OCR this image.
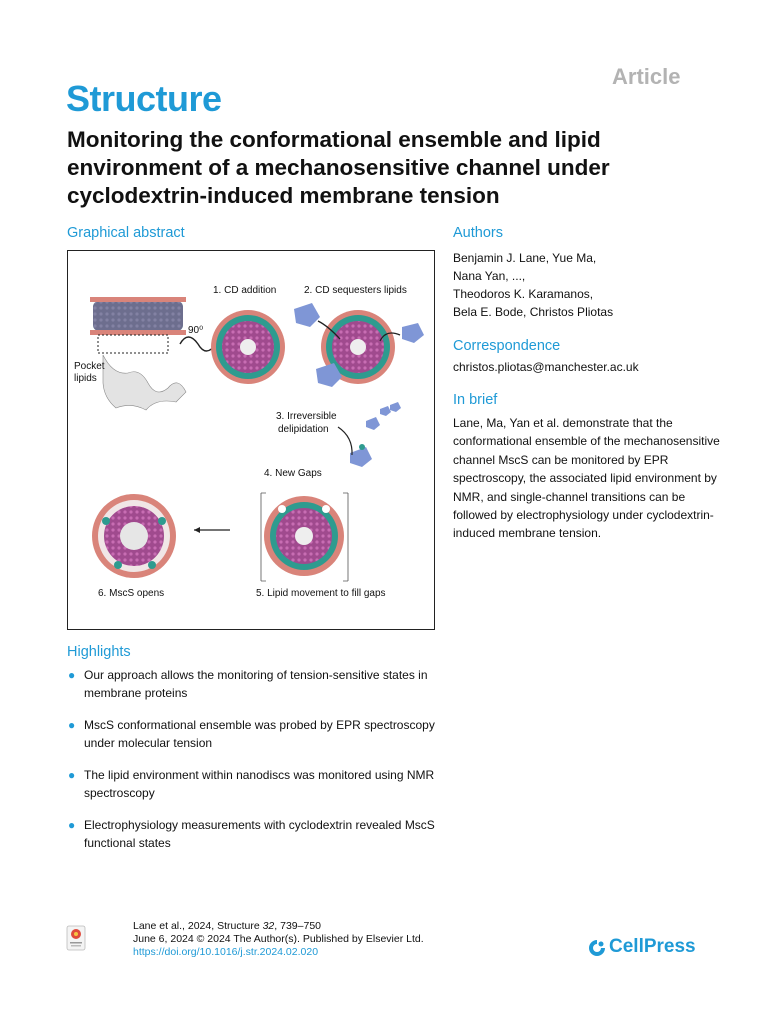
Article
Structure
Monitoring the conformational ensemble and lipid environment of a mechanosensitive channel under cyclodextrin-induced membrane tension
Graphical abstract
Pocket
lipids
90⁰
1. CD addition	2. CD sequesters lipids
3. Irreversible
delipidation
4. New Gaps
6. MscS opens	5. Lipid movement to fill gaps
Authors
Benjamin J. Lane, Yue Ma,
Nana Yan, ...,
Theodoros K. Karamanos,
Bela E. Bode, Christos Pliotas
Correspondence
christos.pliotas@manchester.ac.uk
In brief
Lane, Ma, Yan et al. demonstrate that the conformational ensemble of the mechanosensitive channel MscS can be monitored by EPR spectroscopy, the associated lipid environment by NMR, and single-channel transitions can be followed by electrophysiology under cyclodextrin-induced membrane tension.
Highlights
● Our approach allows the monitoring of tension-sensitive states in membrane proteins
● MscS conformational ensemble was probed by EPR spectroscopy under molecular tension
● The lipid environment within nanodiscs was monitored using NMR spectroscopy
● Electrophysiology measurements with cyclodextrin revealed MscS functional states
Lane et al., 2024, Structure 32, 739–750
June 6, 2024 © 2024 The Author(s). Published by Elsevier Ltd.
https://doi.org/10.1016/j.str.2024.02.020	CellPress
